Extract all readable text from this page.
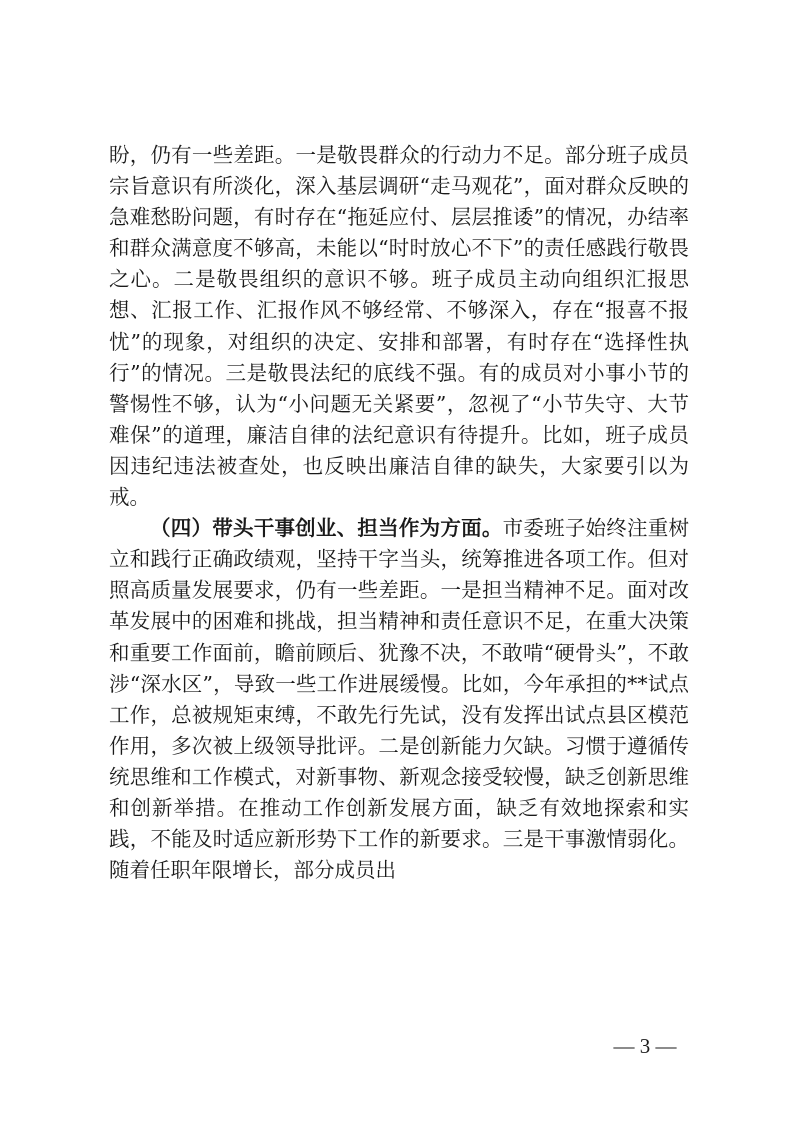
盼，仍有一些差距。一是敬畏群众的行动力不足。部分班子成员宗旨意识有所淡化，深入基层调研“走马观花”，面对群众反映的急难愁盼问题，有时存在“拖延应付、层层推诿”的情况，办结率和群众满意度不够高，未能以“时时放心不下”的责任感践行敬畏之心。二是敬畏组织的意识不够。班子成员主动向组织汇报思想、汇报工作、汇报作风不够经常、不够深入，存在“报喜不报忧”的现象，对组织的决定、安排和部署，有时存在“选择性执行”的情况。三是敬畏法纪的底线不强。有的成员对小事小节的警惕性不够，认为“小问题无关紧要”，忽视了“小节失守、大节难保”的道理，廉洁自律的法纪意识有待提升。比如，班子成员因违纪违法被查处，也反映出廉洁自律的缺失，大家要引以为戒。

（四）带头干事创业、担当作为方面。市委班子始终注重树立和践行正确政绩观，坚持干字当头，统筹推进各项工作。但对照高质量发展要求，仍有一些差距。一是担当精神不足。面对改革发展中的困难和挑战，担当精神和责任意识不足，在重大决策和重要工作面前，瞻前顾后、犹豫不决，不敢啃“硬骨头”，不敢涉“深水区”，导致一些工作进展缓慢。比如，今年承担的**试点工作，总被规矩束缚，不敢先行先试，没有发挥出试点县区模范作用，多次被上级领导批评。二是创新能力欠缺。习惯于遵循传统思维和工作模式，对新事物、新观念接受较慢，缺乏创新思维和创新举措。在推动工作创新发展方面，缺乏有效地探索和实践，不能及时适应新形势下工作的新要求。三是干事激情弱化。随着任职年限增长，部分成员出

— 3 —
